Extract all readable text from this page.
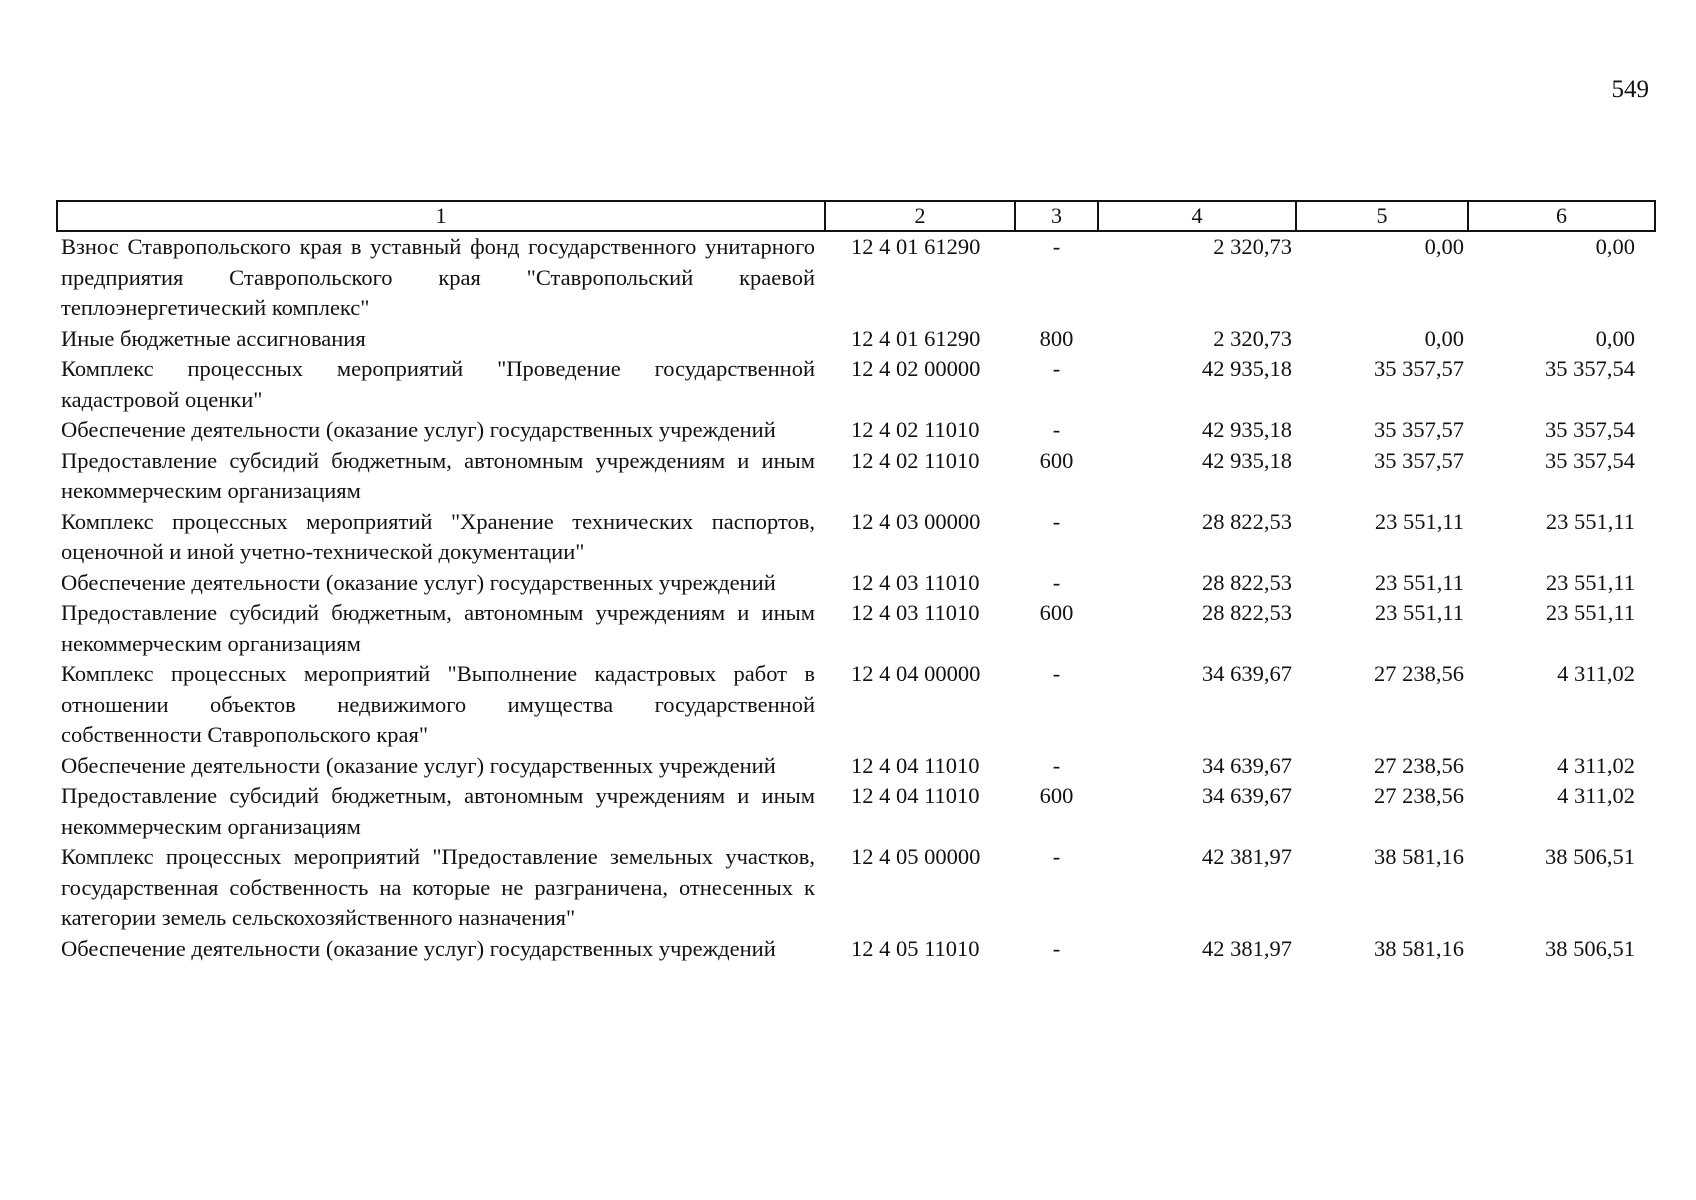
549
1	2	3	4	5	6
Взнос Ставропольского края в уставный фонд государственного унитарного предприятия Ставропольского края "Ставропольский краевой теплоэнергетический комплекс"	12 4 01 61290	-	2 320,73	0,00	0,00
Иные бюджетные ассигнования	12 4 01 61290	800	2 320,73	0,00	0,00
Комплекс процессных мероприятий "Проведение государственной кадастровой оценки"	12 4 02 00000	-	42 935,18	35 357,57	35 357,54
Обеспечение деятельности (оказание услуг) государственных учреждений	12 4 02 11010	-	42 935,18	35 357,57	35 357,54
Предоставление субсидий бюджетным, автономным учреждениям и иным некоммерческим организациям	12 4 02 11010	600	42 935,18	35 357,57	35 357,54
Комплекс процессных мероприятий "Хранение технических паспортов, оценочной и иной учетно-технической документации"	12 4 03 00000	-	28 822,53	23 551,11	23 551,11
Обеспечение деятельности (оказание услуг) государственных учреждений	12 4 03 11010	-	28 822,53	23 551,11	23 551,11
Предоставление субсидий бюджетным, автономным учреждениям и иным некоммерческим организациям	12 4 03 11010	600	28 822,53	23 551,11	23 551,11
Комплекс процессных мероприятий "Выполнение кадастровых работ в отношении объектов недвижимого имущества государственной собственности Ставропольского края"	12 4 04 00000	-	34 639,67	27 238,56	4 311,02
Обеспечение деятельности (оказание услуг) государственных учреждений	12 4 04 11010	-	34 639,67	27 238,56	4 311,02
Предоставление субсидий бюджетным, автономным учреждениям и иным некоммерческим организациям	12 4 04 11010	600	34 639,67	27 238,56	4 311,02
Комплекс процессных мероприятий "Предоставление земельных участков, государственная собственность на которые не разграничена, отнесенных к категории земель сельскохозяйственного назначения"	12 4 05 00000	-	42 381,97	38 581,16	38 506,51
Обеспечение деятельности (оказание услуг) государственных учреждений	12 4 05 11010	-	42 381,97	38 581,16	38 506,51
